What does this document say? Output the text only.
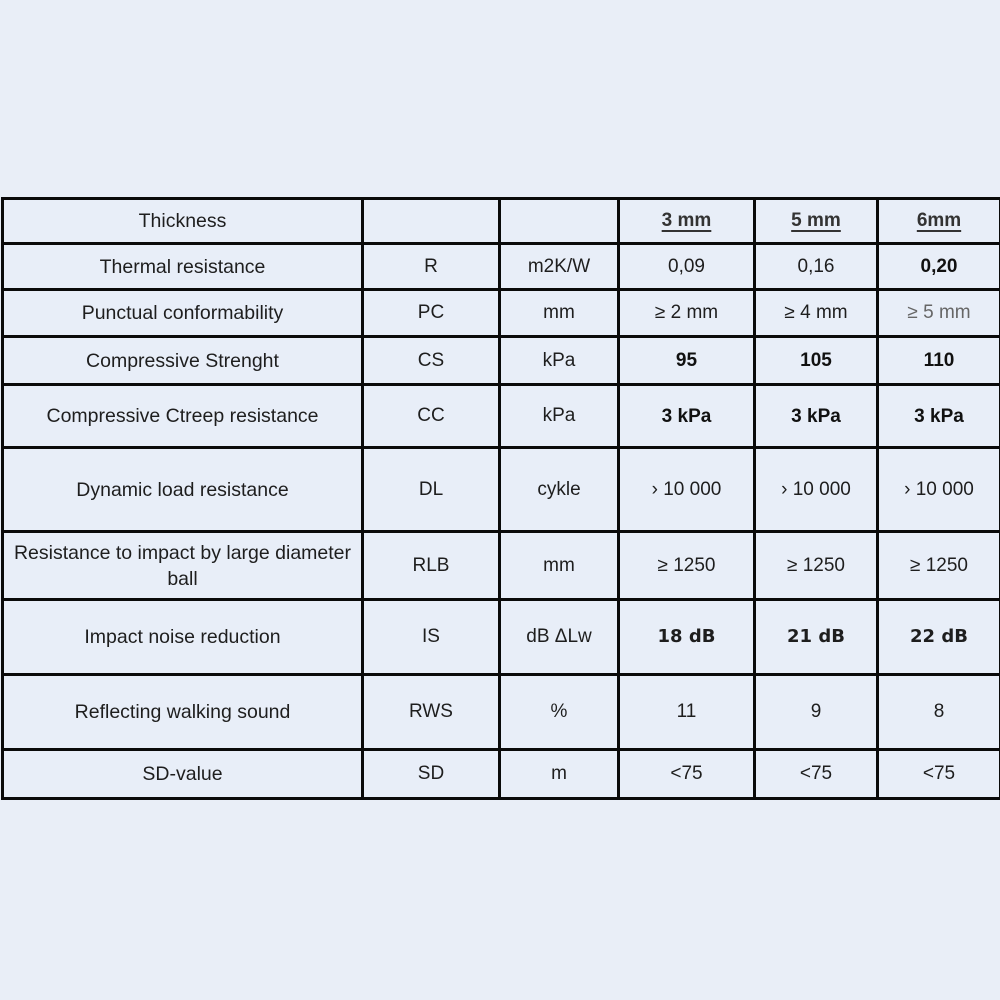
Thickness			3 mm	5 mm	6mm
Thermal resistance	R	m2K/W	0,09	0,16	0,20
Punctual conformability	PC	mm	≥ 2 mm	≥ 4 mm	≥ 5 mm
Compressive Strenght	CS	kPa	95	105	110
Compressive Ctreep resistance	CC	kPa	3 kPa	3 kPa	3 kPa
Dynamic load resistance	DL	cykle	› 10 000	› 10 000	› 10 000
Resistance to impact by large diameter ball	RLB	mm	≥ 1250	≥ 1250	≥ 1250
Impact noise reduction	IS	dB ΔLw	18 dB	21 dB	22 dB
Reflecting walking sound	RWS	%	11	9	8
SD-value	SD	m	<75	<75	<75
